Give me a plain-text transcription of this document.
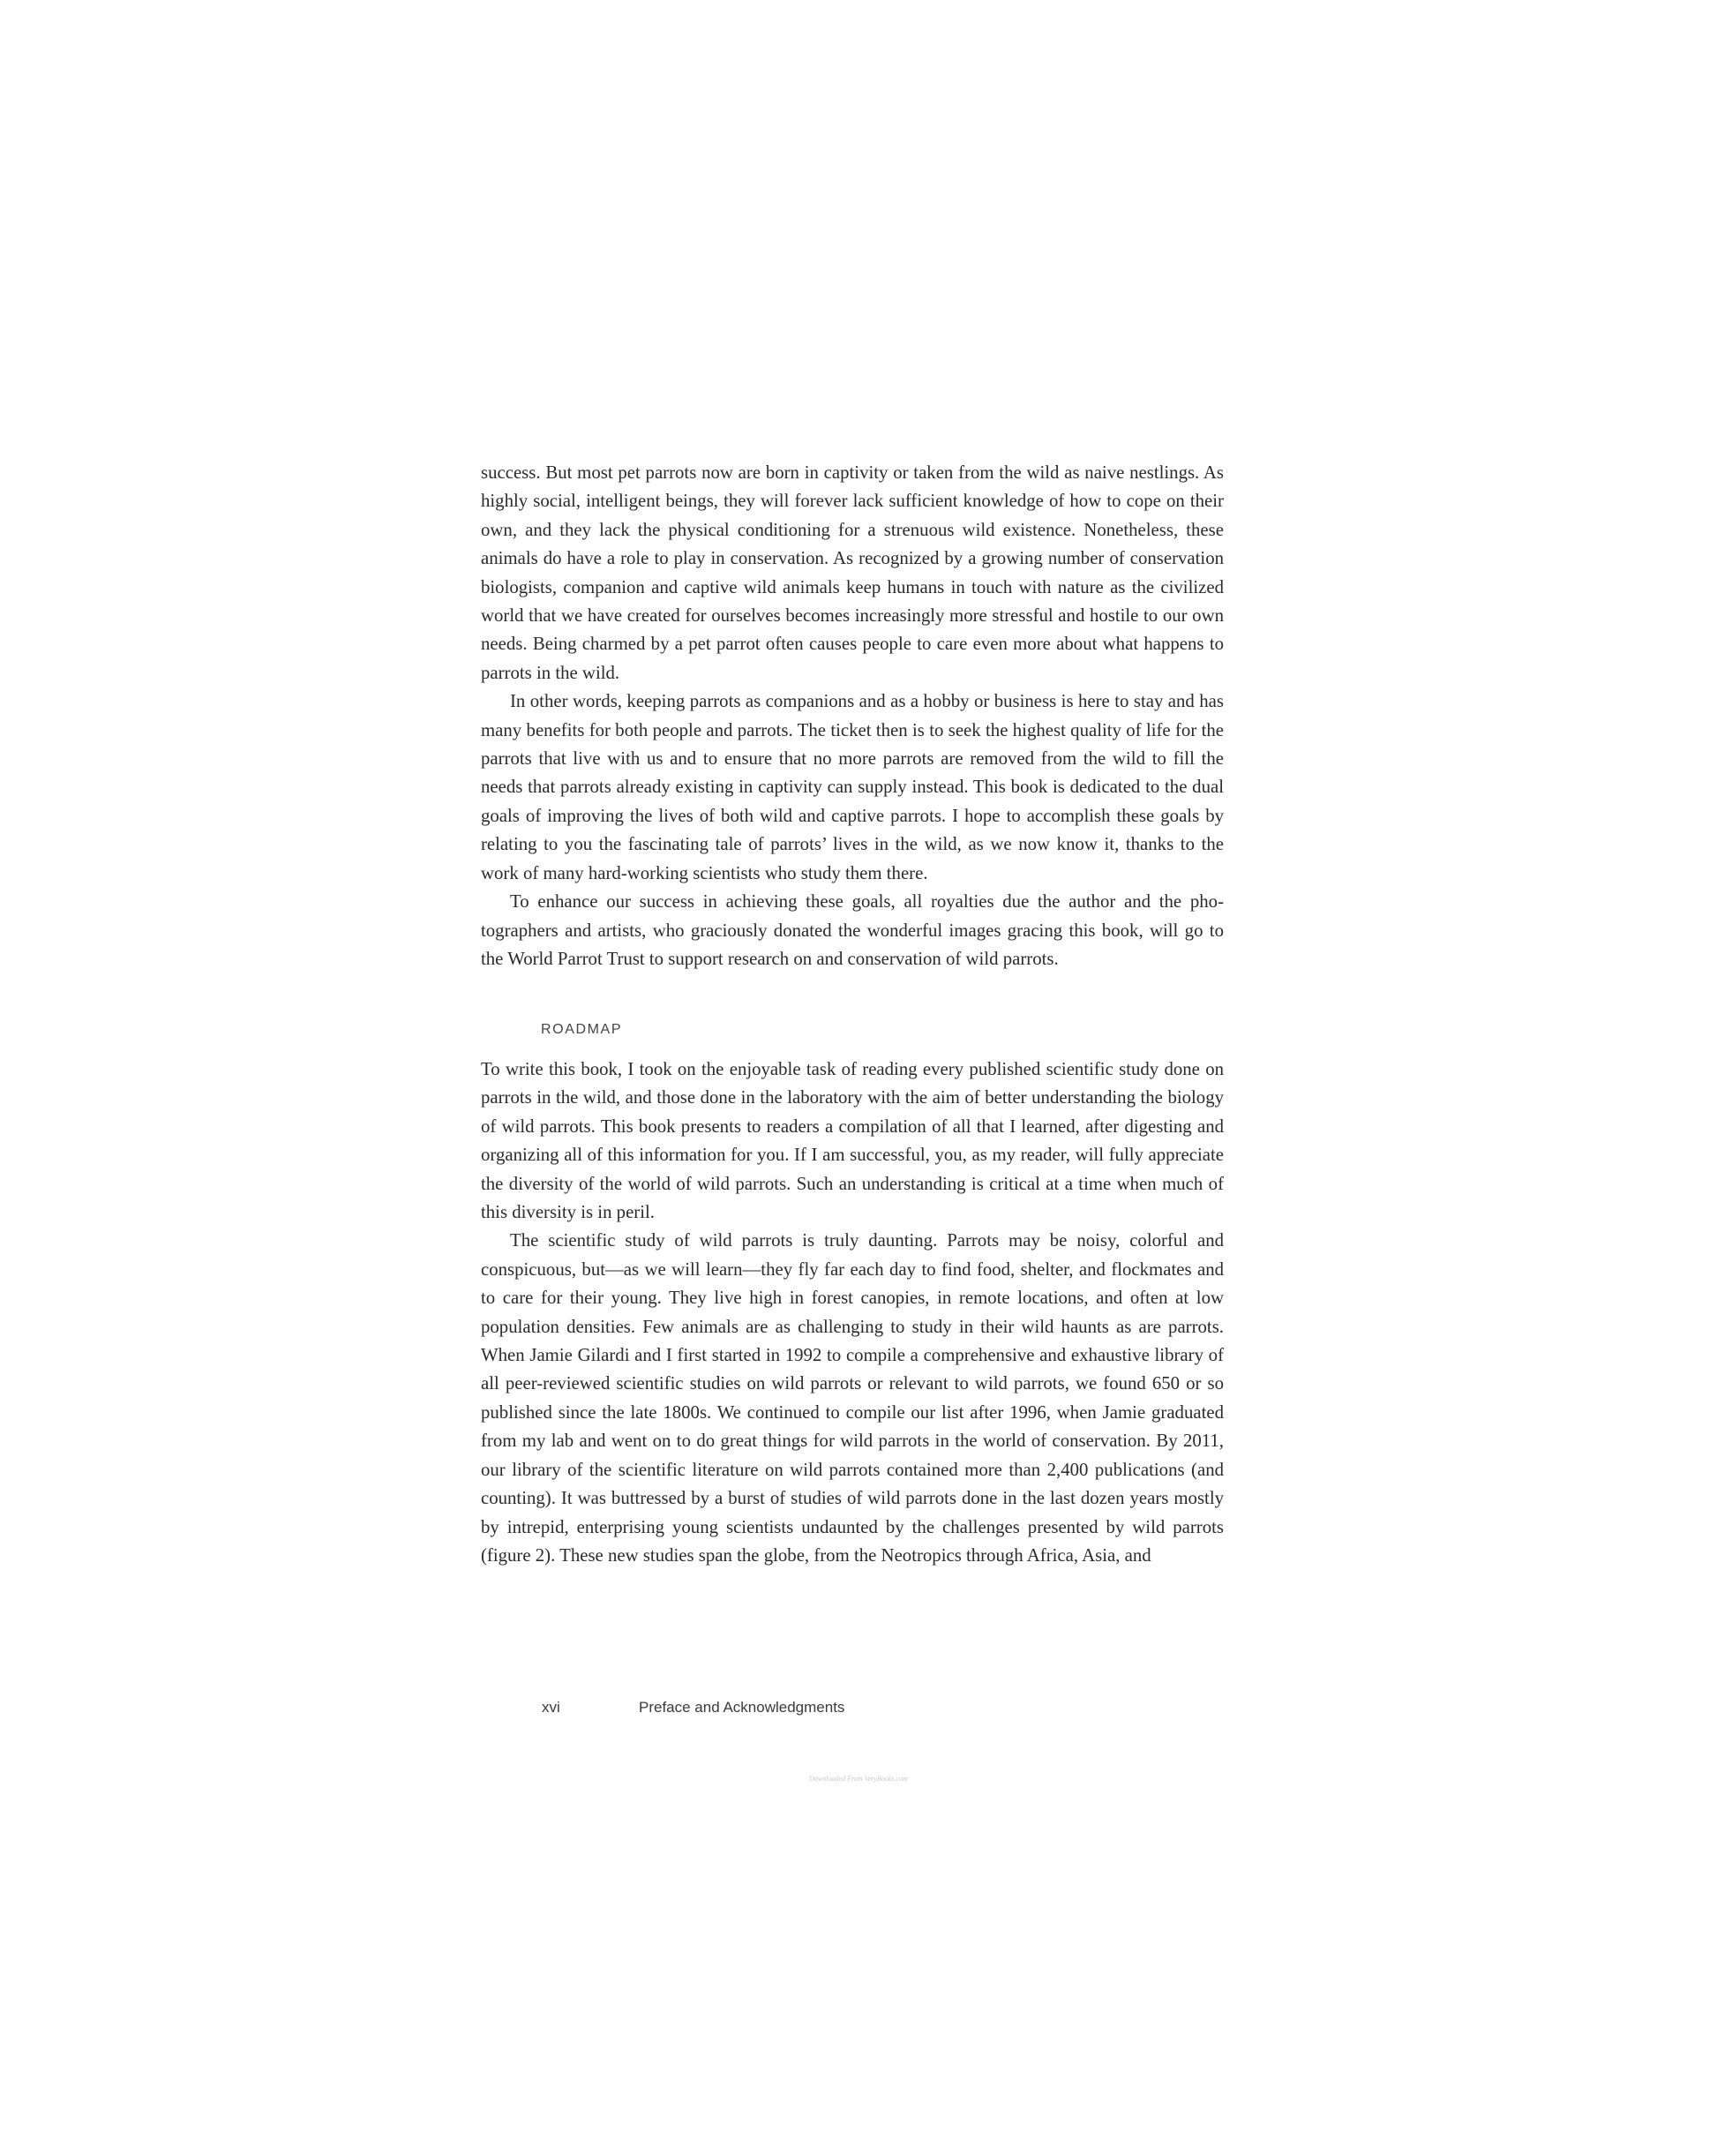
success. But most pet parrots now are born in captivity or taken from the wild as naive nestlings. As highly social, intelligent beings, they will forever lack sufficient knowledge of how to cope on their own, and they lack the physical conditioning for a strenuous wild existence. Nonetheless, these animals do have a role to play in conservation. As recognized by a growing number of conservation biologists, companion and captive wild animals keep humans in touch with nature as the civilized world that we have created for ourselves becomes increasingly more stressful and hostile to our own needs. Being charmed by a pet parrot often causes people to care even more about what happens to parrots in the wild.

In other words, keeping parrots as companions and as a hobby or business is here to stay and has many benefits for both people and parrots. The ticket then is to seek the highest quality of life for the parrots that live with us and to ensure that no more parrots are removed from the wild to fill the needs that parrots already existing in captivity can supply instead. This book is dedicated to the dual goals of improving the lives of both wild and captive parrots. I hope to accomplish these goals by relating to you the fascinating tale of parrots’ lives in the wild, as we now know it, thanks to the work of many hard-working scientists who study them there.

To enhance our success in achieving these goals, all royalties due the author and the photographers and artists, who graciously donated the wonderful images gracing this book, will go to the World Parrot Trust to support research on and conservation of wild parrots.

ROADMAP

To write this book, I took on the enjoyable task of reading every published scientific study done on parrots in the wild, and those done in the laboratory with the aim of better understanding the biology of wild parrots. This book presents to readers a compilation of all that I learned, after digesting and organizing all of this information for you. If I am successful, you, as my reader, will fully appreciate the diversity of the world of wild parrots. Such an understanding is critical at a time when much of this diversity is in peril.

The scientific study of wild parrots is truly daunting. Parrots may be noisy, colorful and conspicuous, but—as we will learn—they fly far each day to find food, shelter, and flockmates and to care for their young. They live high in forest canopies, in remote locations, and often at low population densities. Few animals are as challenging to study in their wild haunts as are parrots. When Jamie Gilardi and I first started in 1992 to compile a comprehensive and exhaustive library of all peer-reviewed scientific studies on wild parrots or relevant to wild parrots, we found 650 or so published since the late 1800s. We continued to compile our list after 1996, when Jamie graduated from my lab and went on to do great things for wild parrots in the world of conservation. By 2011, our library of the scientific literature on wild parrots contained more than 2,400 publications (and counting). It was buttressed by a burst of studies of wild parrots done in the last dozen years mostly by intrepid, enterprising young scientists undaunted by the challenges presented by wild parrots (figure 2). These new studies span the globe, from the Neotropics through Africa, Asia, and

xvi	Preface and Acknowledgments
Downloaded From VeryBooks.com
